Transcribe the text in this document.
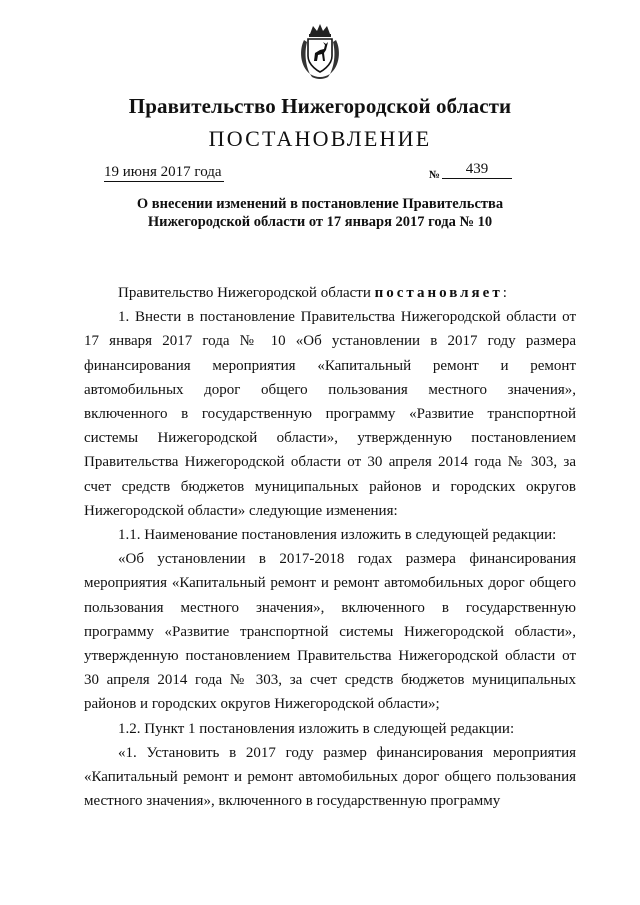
Правительство Нижегородской области
ПОСТАНОВЛЕНИЕ
19 июня 2017 года	№	439
О внесении изменений в постановление Правительства
Нижегородской области от 17 января 2017 года № 10

Правительство Нижегородской области постановляет:

1. Внести в постановление Правительства Нижегородской области от 17 января 2017 года № 10 «Об установлении в 2017 году размера финансирования мероприятия «Капитальный ремонт и ремонт автомобильных дорог общего пользования местного значения», включенного в государственную программу «Развитие транспортной системы Нижегородской области», утвержденную постановлением Правительства Нижегородской области от 30 апреля 2014 года № 303, за счет средств бюджетов муниципальных районов и городских округов Нижегородской области» следующие изменения:

1.1. Наименование постановления изложить в следующей редакции:

«Об установлении в 2017-2018 годах размера финансирования мероприятия «Капитальный ремонт и ремонт автомобильных дорог общего пользования местного значения», включенного в государственную программу «Развитие транспортной системы Нижегородской области», утвержденную постановлением Правительства Нижегородской области от 30 апреля 2014 года № 303, за счет средств бюджетов муниципальных районов и городских округов Нижегородской области»;

1.2. Пункт 1 постановления изложить в следующей редакции:

«1. Установить в 2017 году размер финансирования мероприятия «Капитальный ремонт и ремонт автомобильных дорог общего пользования местного значения», включенного в государственную программу
